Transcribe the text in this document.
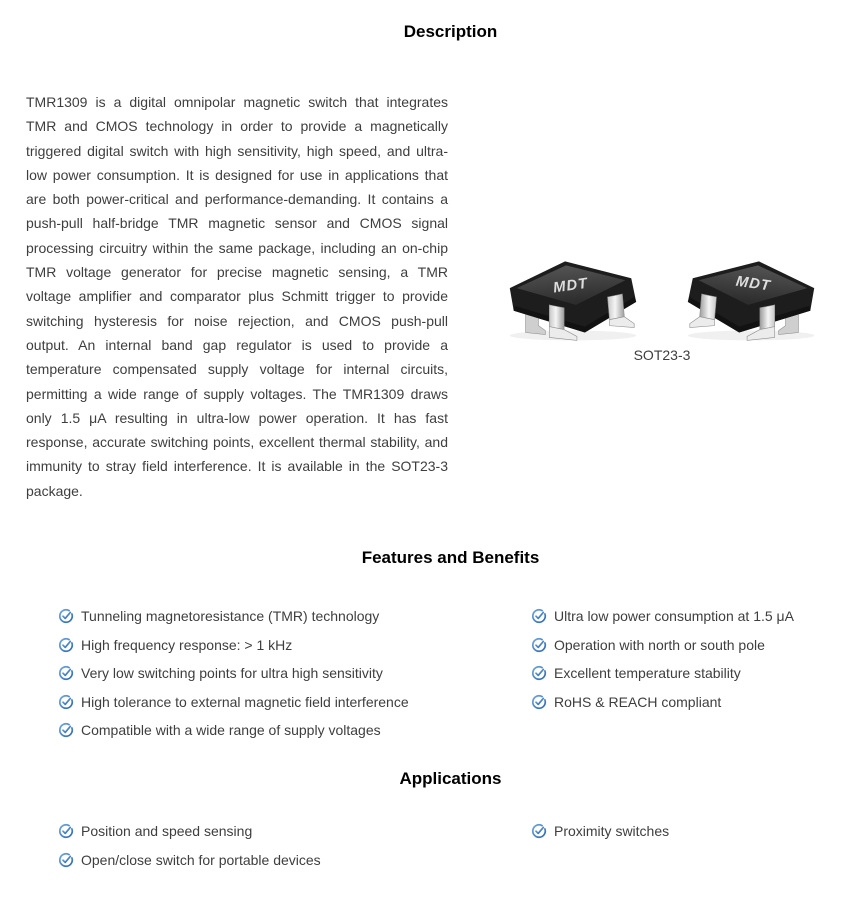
Description

TMR1309 is a digital omnipolar magnetic switch that integrates TMR and CMOS technology in order to provide a magnetically triggered digital switch with high sensitivity, high speed, and ultra-low power consumption. It is designed for use in applications that are both power-critical and performance-demanding. It contains a push-pull half-bridge TMR magnetic sensor and CMOS signal processing circuitry within the same package, including an on-chip TMR voltage generator for precise magnetic sensing, a TMR voltage amplifier and comparator plus Schmitt trigger to provide switching hysteresis for noise rejection, and CMOS push-pull output. An internal band gap regulator is used to provide a temperature compensated supply voltage for internal circuits, permitting a wide range of supply voltages. The TMR1309 draws only 1.5 μA resulting in ultra-low power operation. It has fast response, accurate switching points, excellent thermal stability, and immunity to stray field interference. It is available in the SOT23-3 package.

MDT	MDT
SOT23-3
Features and Benefits
Tunneling magnetoresistance (TMR) technology
High frequency response: > 1 kHz
Very low switching points for ultra high sensitivity
High tolerance to external magnetic field interference
Compatible with a wide range of supply voltages
Ultra low power consumption at 1.5 μA
Operation with north or south pole
Excellent temperature stability
RoHS & REACH compliant
Applications
Position and speed sensing
Open/close switch for portable devices
Proximity switches
